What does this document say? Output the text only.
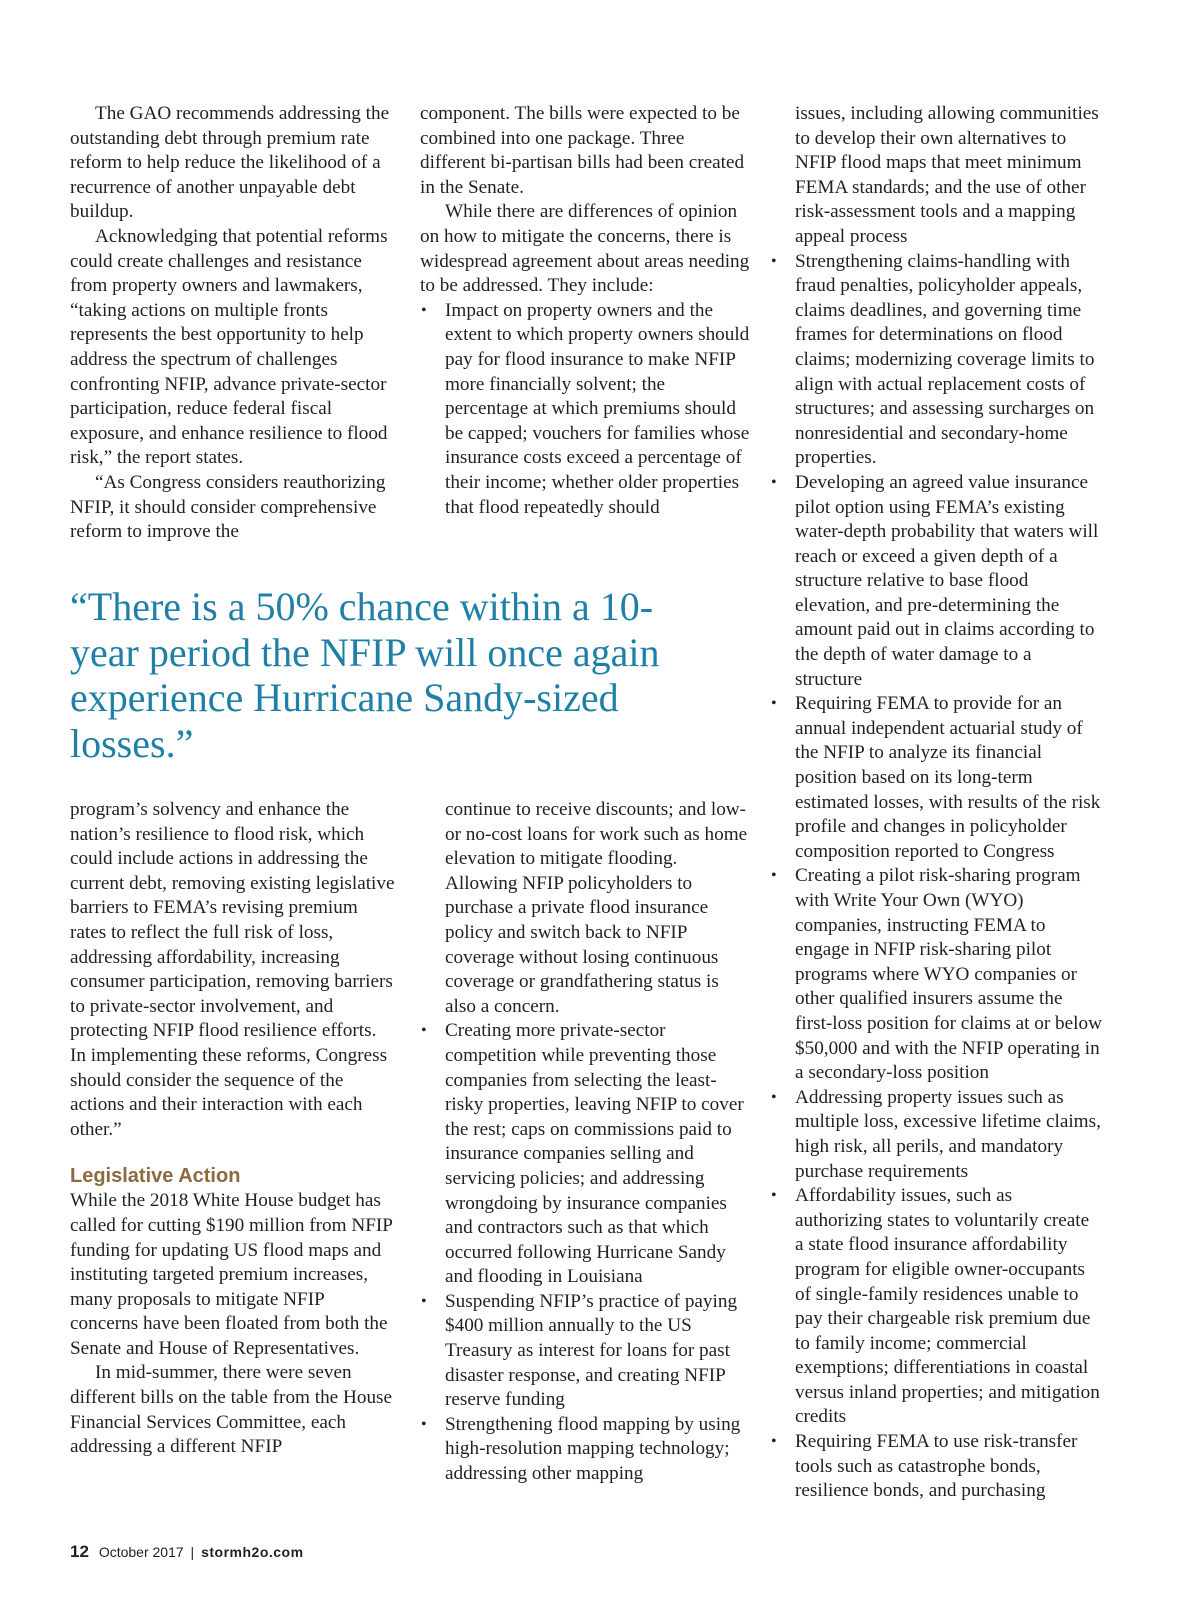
The GAO recommends addressing the outstanding debt through premium rate reform to help reduce the likelihood of a recurrence of another unpayable debt buildup.

Acknowledging that potential reforms could create challenges and resistance from property owners and lawmakers, “taking actions on multiple fronts represents the best opportunity to help address the spectrum of challenges confronting NFIP, advance private-sector participation, reduce federal fiscal exposure, and enhance resilience to flood risk,” the report states.

“As Congress considers reauthorizing NFIP, it should consider comprehensive reform to improve the

component. The bills were expected to be combined into one package. Three different bi-partisan bills had been created in the Senate.

While there are differences of opinion on how to mitigate the concerns, there is widespread agreement about areas needing to be addressed. They include:

• Impact on property owners and the extent to which property owners should pay for flood insurance to make NFIP more financially solvent; the percentage at which premiums should be capped; vouchers for families whose insurance costs exceed a percentage of their income; whether older properties that flood repeatedly should
“There is a 50% chance within a 10-year period the NFIP will once again experience Hurricane Sandy-sized losses.”

program’s solvency and enhance the nation’s resilience to flood risk, which could include actions in addressing the current debt, removing existing legislative barriers to FEMA’s revising premium rates to reflect the full risk of loss, addressing affordability, increasing consumer participation, removing barriers to private-sector involvement, and protecting NFIP flood resilience efforts. In implementing these reforms, Congress should consider the sequence of the actions and their interaction with each other.”

Legislative Action

While the 2018 White House budget has called for cutting $190 million from NFIP funding for updating US flood maps and instituting targeted premium increases, many proposals to mitigate NFIP concerns have been floated from both the Senate and House of Representatives.

In mid-summer, there were seven different bills on the table from the House Financial Services Committee, each addressing a different NFIP

continue to receive discounts; and low- or no-cost loans for work such as home elevation to mitigate flooding. Allowing NFIP policyholders to purchase a private flood insurance policy and switch back to NFIP coverage without losing continuous coverage or grandfathering status is also a concern.

• Creating more private-sector competition while preventing those companies from selecting the least-risky properties, leaving NFIP to cover the rest; caps on commissions paid to insurance companies selling and servicing policies; and addressing wrongdoing by insurance companies and contractors such as that which occurred following Hurricane Sandy and flooding in Louisiana
• Suspending NFIP’s practice of paying $400 million annually to the US Treasury as interest for loans for past disaster response, and creating NFIP reserve funding
• Strengthening flood mapping by using high-resolution mapping technology; addressing other mapping

issues, including allowing communities to develop their own alternatives to NFIP flood maps that meet minimum FEMA standards; and the use of other risk-assessment tools and a mapping appeal process

• Strengthening claims-handling with fraud penalties, policyholder appeals, claims deadlines, and governing time frames for determinations on flood claims; modernizing coverage limits to align with actual replacement costs of structures; and assessing surcharges on nonresidential and secondary-home properties.
• Developing an agreed value insurance pilot option using FEMA’s existing water-depth probability that waters will reach or exceed a given depth of a structure relative to base flood elevation, and pre-determining the amount paid out in claims according to the depth of water damage to a structure
• Requiring FEMA to provide for an annual independent actuarial study of the NFIP to analyze its financial position based on its long-term estimated losses, with results of the risk profile and changes in policyholder composition reported to Congress
• Creating a pilot risk-sharing program with Write Your Own (WYO) companies, instructing FEMA to engage in NFIP risk-sharing pilot programs where WYO companies or other qualified insurers assume the first-loss position for claims at or below $50,000 and with the NFIP operating in a secondary-loss position
• Addressing property issues such as multiple loss, excessive lifetime claims, high risk, all perils, and mandatory purchase requirements
• Affordability issues, such as authorizing states to voluntarily create a state flood insurance affordability program for eligible owner-occupants of single-family residences unable to pay their chargeable risk premium due to family income; commercial exemptions; differentiations in coastal versus inland properties; and mitigation credits
• Requiring FEMA to use risk-transfer tools such as catastrophe bonds, resilience bonds, and purchasing
12 October 2017 | stormh2o.com
